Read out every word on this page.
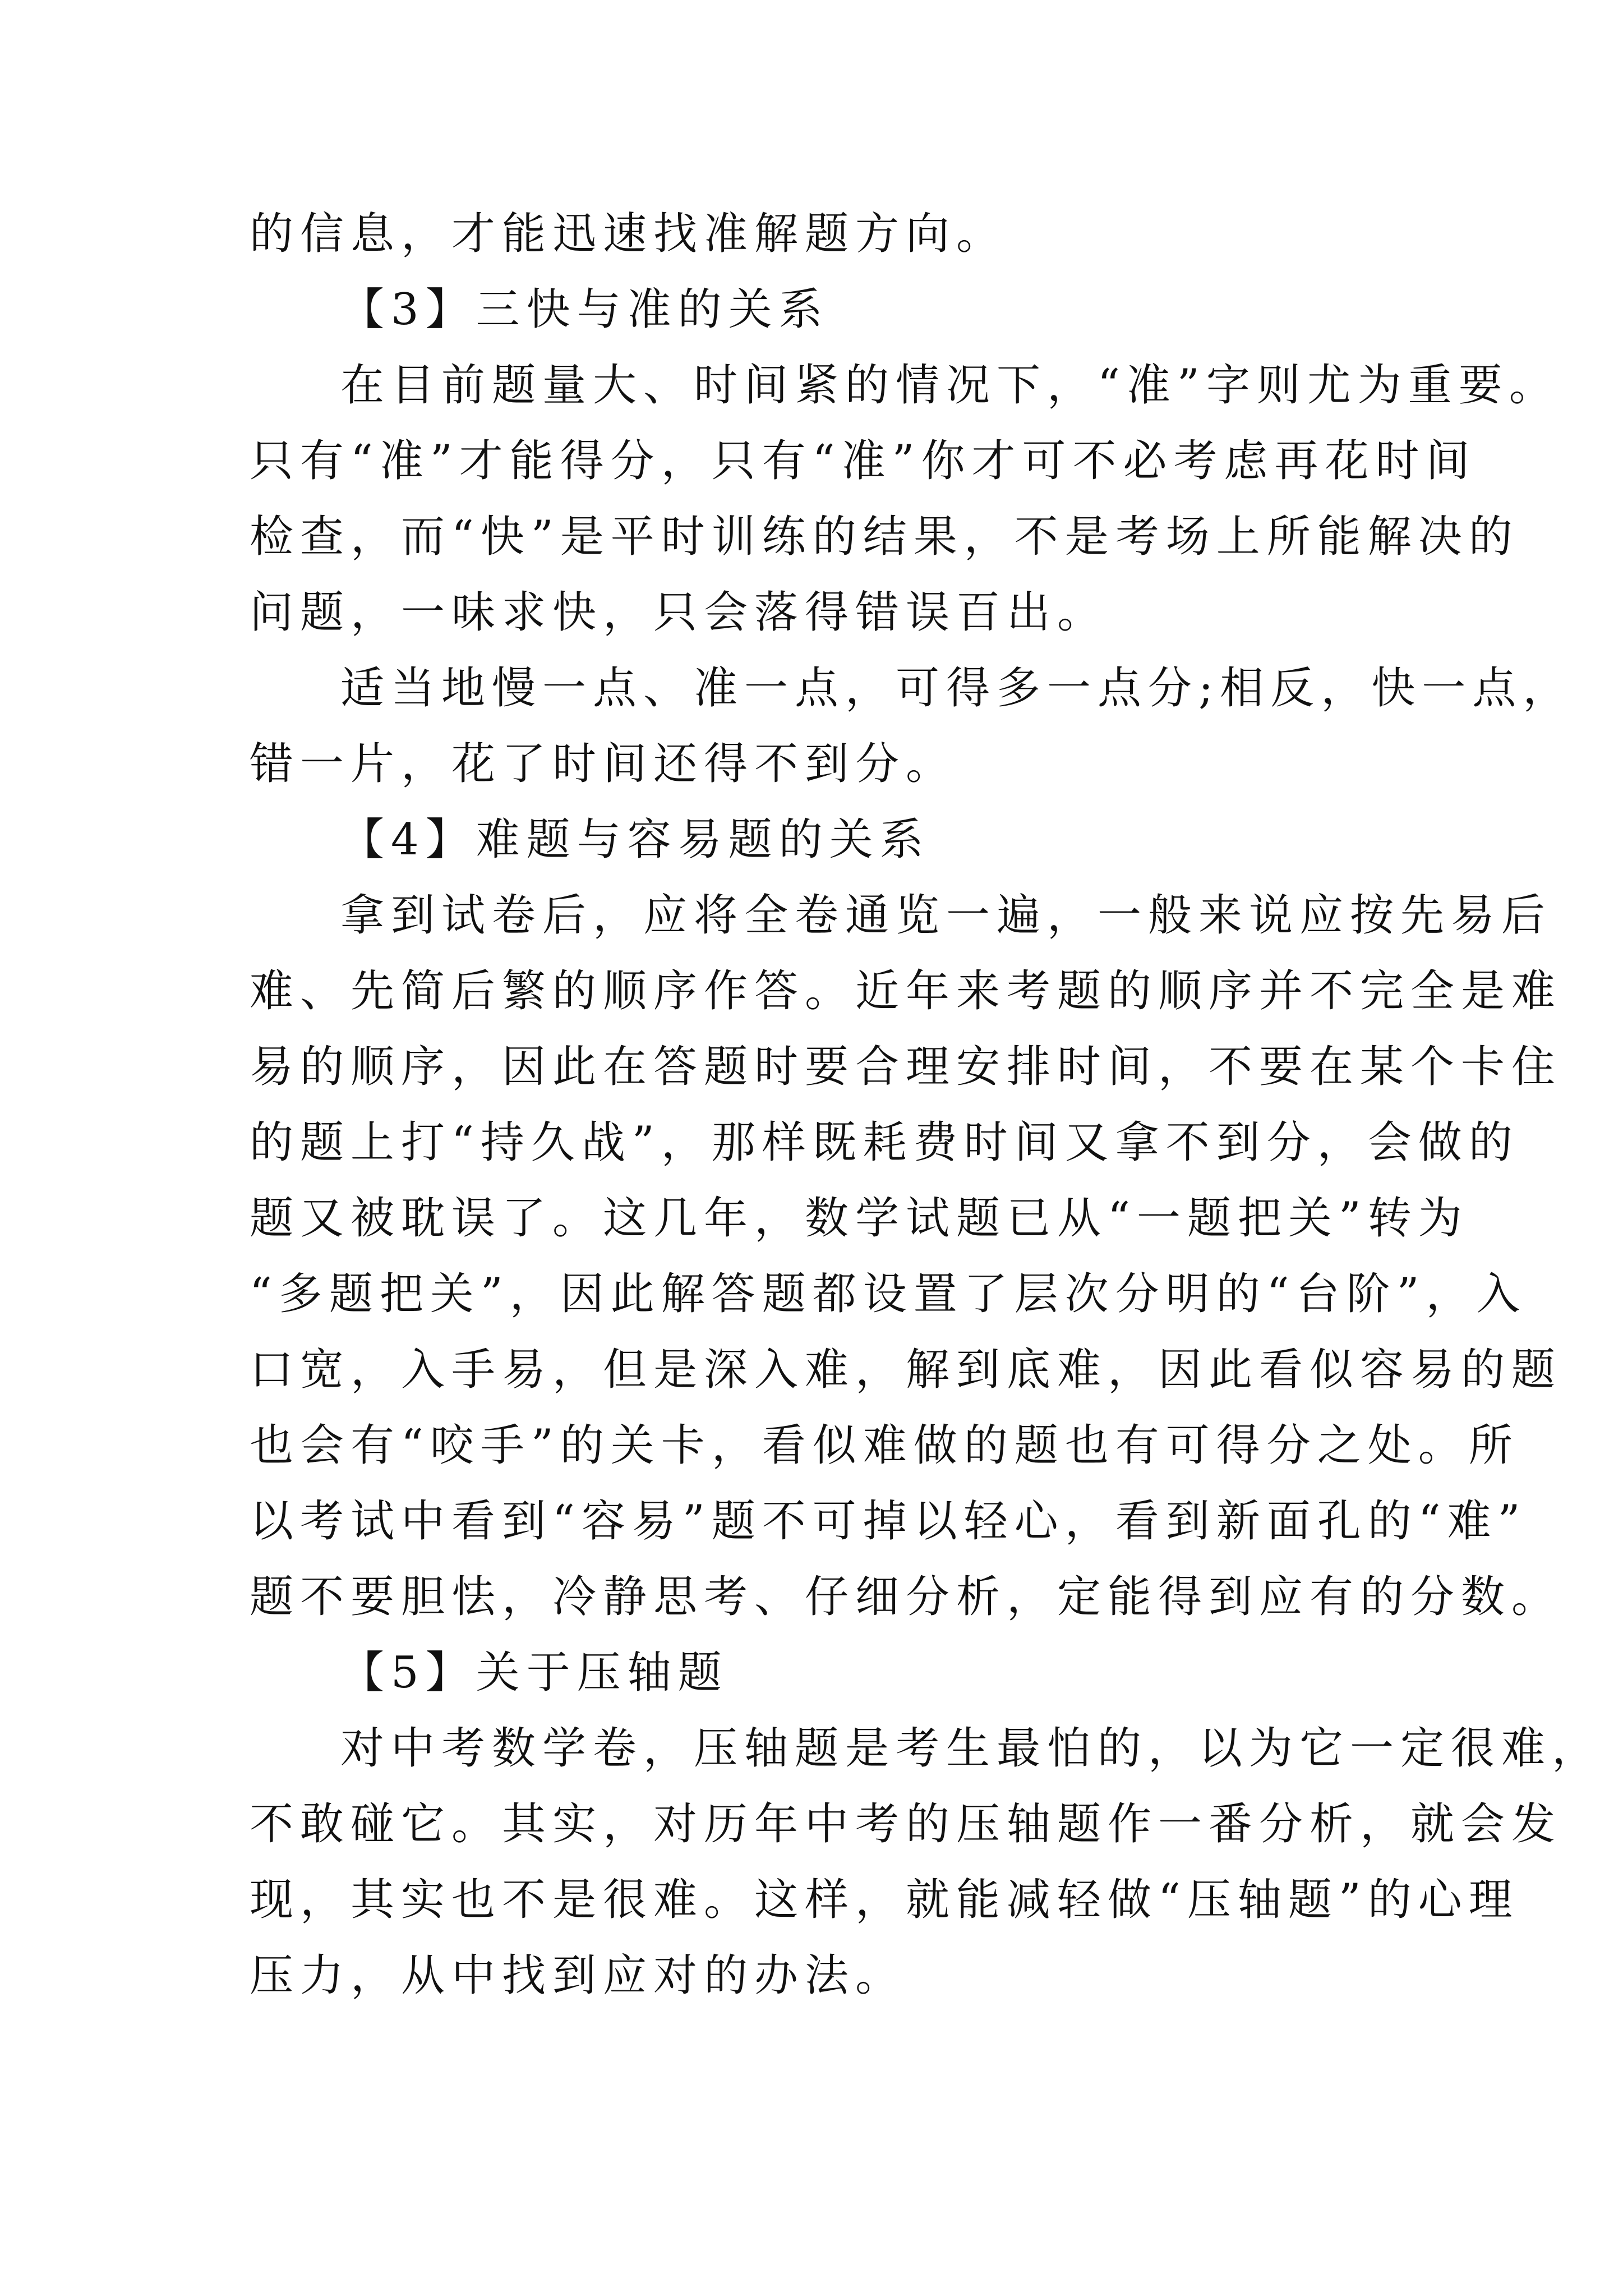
的信息，才能迅速找准解题方向。
【3】三快与准的关系
在目前题量大、时间紧的情况下，“准”字则尤为重要。
只有“准”才能得分，只有“准”你才可不必考虑再花时间
检查，而“快”是平时训练的结果，不是考场上所能解决的
问题，一味求快，只会落得错误百出。
适当地慢一点、准一点，可得多一点分;相反，快一点，
错一片，花了时间还得不到分。
【4】难题与容易题的关系
拿到试卷后，应将全卷通览一遍，一般来说应按先易后
难、先简后繁的顺序作答。近年来考题的顺序并不完全是难
易的顺序，因此在答题时要合理安排时间，不要在某个卡住
的题上打“持久战”，那样既耗费时间又拿不到分，会做的
题又被耽误了。这几年，数学试题已从“一题把关”转为
“多题把关”，因此解答题都设置了层次分明的“台阶”，入
口宽，入手易，但是深入难，解到底难，因此看似容易的题
也会有“咬手”的关卡，看似难做的题也有可得分之处。所
以考试中看到“容易”题不可掉以轻心，看到新面孔的“难”
题不要胆怯，冷静思考、仔细分析，定能得到应有的分数。
【5】关于压轴题
对中考数学卷，压轴题是考生最怕的，以为它一定很难，
不敢碰它。其实，对历年中考的压轴题作一番分析，就会发
现，其实也不是很难。这样，就能减轻做“压轴题”的心理
压力，从中找到应对的办法。
